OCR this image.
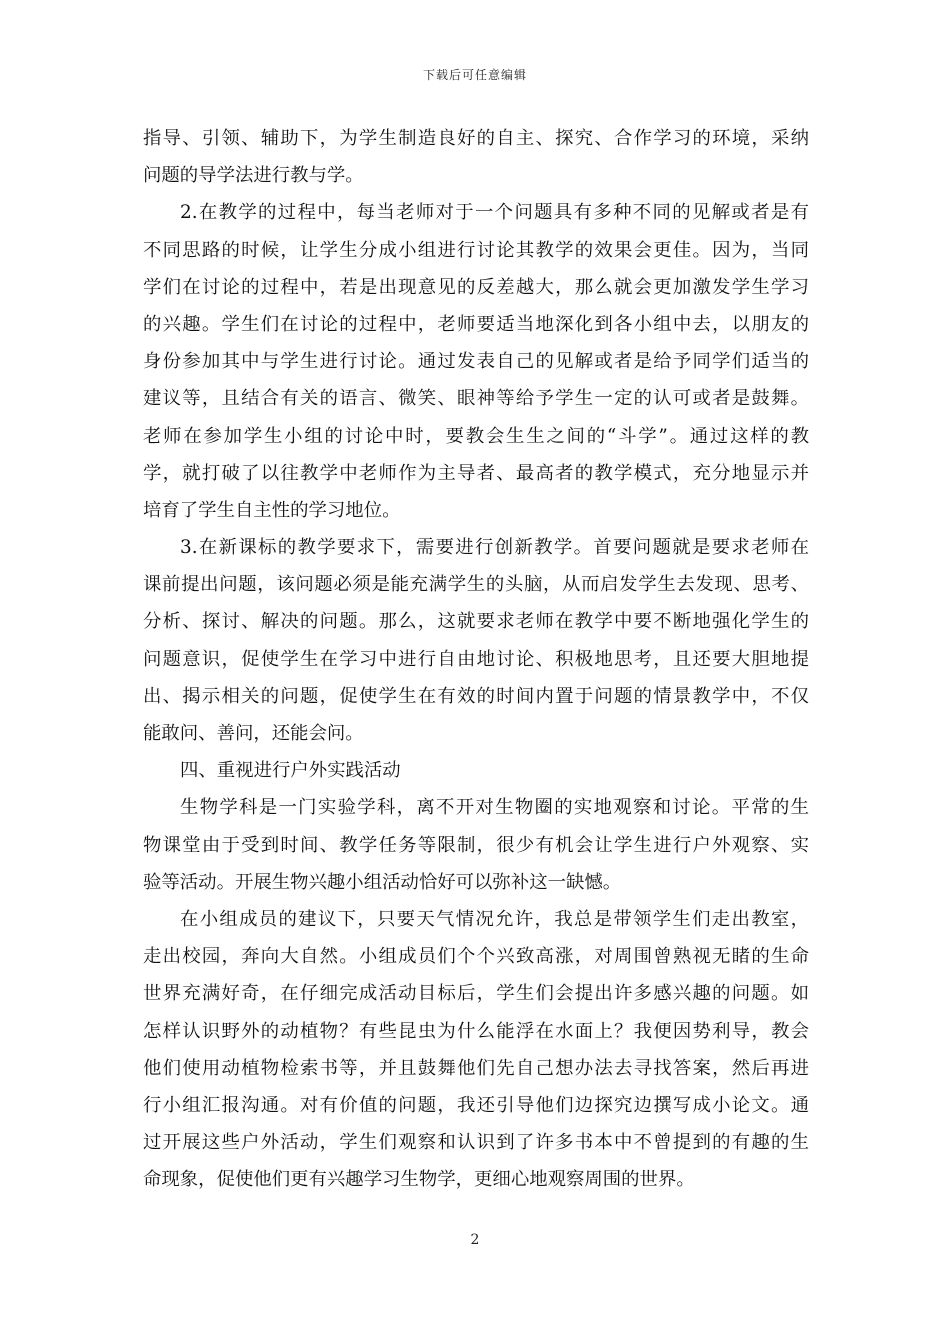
下载后可任意编辑
指导、引领、辅助下，为学生制造良好的自主、探究、合作学习的环境，采纳
问题的导学法进行教与学。
2.在教学的过程中，每当老师对于一个问题具有多种不同的见解或者是有
不同思路的时候，让学生分成小组进行讨论其教学的效果会更佳。因为，当同
学们在讨论的过程中，若是出现意见的反差越大，那么就会更加激发学生学习
的兴趣。学生们在讨论的过程中，老师要适当地深化到各小组中去，以朋友的
身份参加其中与学生进行讨论。通过发表自己的见解或者是给予同学们适当的
建议等，且结合有关的语言、微笑、眼神等给予学生一定的认可或者是鼓舞。
老师在参加学生小组的讨论中时，要教会生生之间的“斗学”。通过这样的教
学，就打破了以往教学中老师作为主导者、最高者的教学模式，充分地显示并
培育了学生自主性的学习地位。
3.在新课标的教学要求下，需要进行创新教学。首要问题就是要求老师在
课前提出问题，该问题必须是能充满学生的头脑，从而启发学生去发现、思考、
分析、探讨、解决的问题。那么，这就要求老师在教学中要不断地强化学生的
问题意识，促使学生在学习中进行自由地讨论、积极地思考，且还要大胆地提
出、揭示相关的问题，促使学生在有效的时间内置于问题的情景教学中，不仅
能敢问、善问，还能会问。
四、重视进行户外实践活动
生物学科是一门实验学科，离不开对生物圈的实地观察和讨论。平常的生
物课堂由于受到时间、教学任务等限制，很少有机会让学生进行户外观察、实
验等活动。开展生物兴趣小组活动恰好可以弥补这一缺憾。
在小组成员的建议下，只要天气情况允许，我总是带领学生们走出教室，
走出校园，奔向大自然。小组成员们个个兴致高涨，对周围曾熟视无睹的生命
世界充满好奇，在仔细完成活动目标后，学生们会提出许多感兴趣的问题。如
怎样认识野外的动植物？有些昆虫为什么能浮在水面上？我便因势利导，教会
他们使用动植物检索书等，并且鼓舞他们先自己想办法去寻找答案，然后再进
行小组汇报沟通。对有价值的问题，我还引导他们边探究边撰写成小论文。通
过开展这些户外活动，学生们观察和认识到了许多书本中不曾提到的有趣的生
命现象，促使他们更有兴趣学习生物学，更细心地观察周围的世界。
2
